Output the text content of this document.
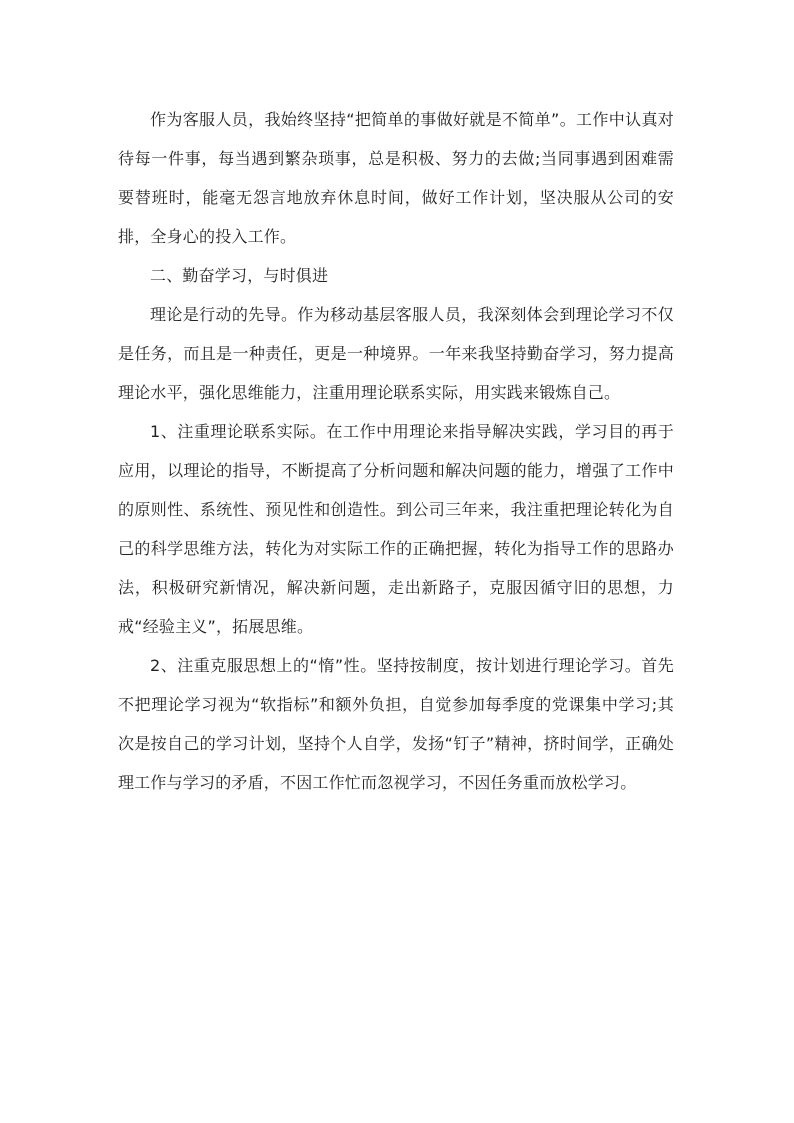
作为客服人员，我始终坚持“把简单的事做好就是不简单”。工作中认真对待每一件事，每当遇到繁杂琐事，总是积极、努力的去做;当同事遇到困难需要替班时，能毫无怨言地放弃休息时间，做好工作计划，坚决服从公司的安排，全身心的投入工作。

二、勤奋学习，与时俱进

理论是行动的先导。作为移动基层客服人员，我深刻体会到理论学习不仅是任务，而且是一种责任，更是一种境界。一年来我坚持勤奋学习，努力提高理论水平，强化思维能力，注重用理论联系实际，用实践来锻炼自己。

1、注重理论联系实际。在工作中用理论来指导解决实践，学习目的再于应用，以理论的指导，不断提高了分析问题和解决问题的能力，增强了工作中的原则性、系统性、预见性和创造性。到公司三年来，我注重把理论转化为自己的科学思维方法，转化为对实际工作的正确把握，转化为指导工作的思路办法，积极研究新情况，解决新问题，走出新路子，克服因循守旧的思想，力戒“经验主义”，拓展思维。

2、注重克服思想上的“惰”性。坚持按制度，按计划进行理论学习。首先不把理论学习视为“软指标”和额外负担，自觉参加每季度的党课集中学习;其次是按自己的学习计划，坚持个人自学，发扬“钉子”精神，挤时间学，正确处理工作与学习的矛盾，不因工作忙而忽视学习，不因任务重而放松学习。
